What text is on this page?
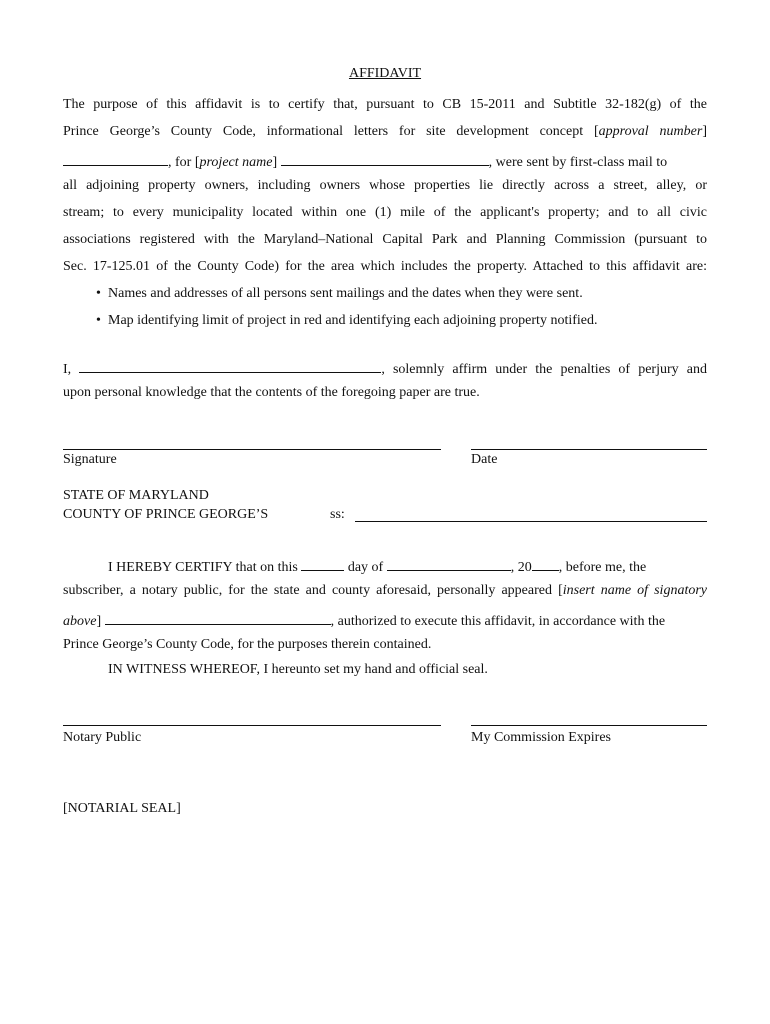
AFFIDAVIT
The purpose of this affidavit is to certify that, pursuant to CB 15-2011 and Subtitle 32-182(g) of the
Prince George’s County Code, informational letters for site development concept [approval number]
, for [project name]	, were sent by first-class mail to
all adjoining property owners, including owners whose properties lie directly across a street, alley, or
stream; to every municipality located within one (1) mile of the applicant's property; and to all civic
associations registered with the Maryland–National Capital Park and Planning Commission (pursuant to
Sec. 17-125.01 of the County Code) for the area which includes the property. Attached to this affidavit are:
• Names and addresses of all persons sent mailings and the dates when they were sent.
• Map identifying limit of project in red and identifying each adjoining property notified.
I,	, solemnly affirm under the penalties of perjury and
upon personal knowledge that the contents of the foregoing paper are true.
Signature	Date
STATE OF MARYLAND
COUNTY OF PRINCE GEORGE’S	ss:
I HEREBY CERTIFY that on this	day of	, 20 , before me, the
subscriber, a notary public, for the state and county aforesaid, personally appeared [insert name of signatory
above]	, authorized to execute this affidavit, in accordance with the
Prince George’s County Code, for the purposes therein contained.
IN WITNESS WHEREOF, I hereunto set my hand and official seal.
Notary Public	My Commission Expires
[NOTARIAL SEAL]
